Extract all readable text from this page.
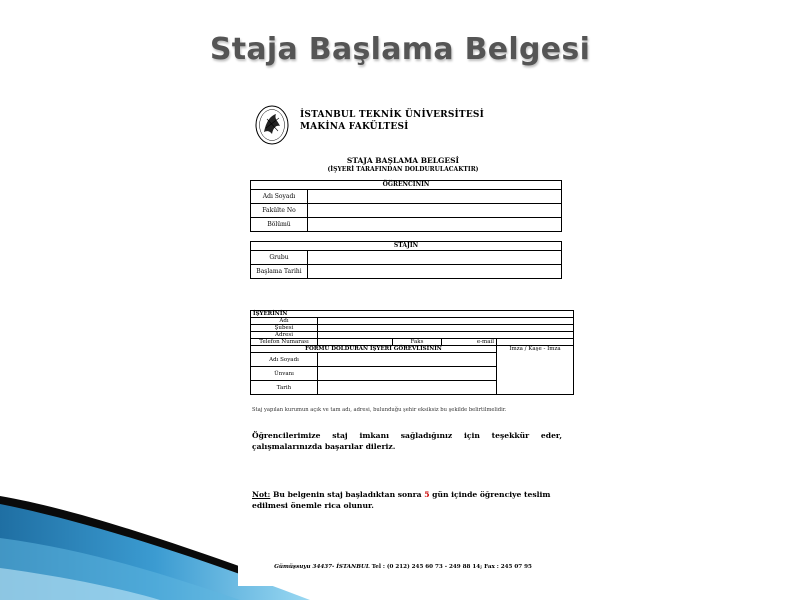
Staja Başlama Belgesi
İSTANBUL TEKNİK ÜNİVERSİTESİ
MAKİNA FAKÜLTESİ
STAJA BAŞLAMA BELGESİ
(İŞYERİ TARAFINDAN DOLDURULACAKTIR)
ÖĞRENCİNİN	
Adı Soyadı	
Fakülte No	
Bölümü	
STAJIN	
Grubu	
Başlama Tarihi	
İŞYERİNİN				
Adı				
Şubesi				
Adresi				
Telefon Numarası		Faks	e-mail	
FORMU DOLDURAN İŞYERİ GÖREVLİSİNİN				İmza / Kaşe - İmza
Adı Soyadı				
Ünvanı				
Tarih				
Staj yapılan kurumun açık ve tam adı, adresi, bulunduğu şehir eksiksiz bu şekilde belirtilmelidir.
Öğrencilerimize staj imkanı sağladığınız için teşekkür eder, çalışmalarınızda başarılar dileriz.
Not: Bu belgenin staj başladıktan sonra 5 gün içinde öğrenciye teslim edilmesi önemle rica olunur.
Gümüşsuyu 34437- İSTANBUL Tel : (0 212) 245 60 73 - 249 88 14; Fax : 245 07 95
